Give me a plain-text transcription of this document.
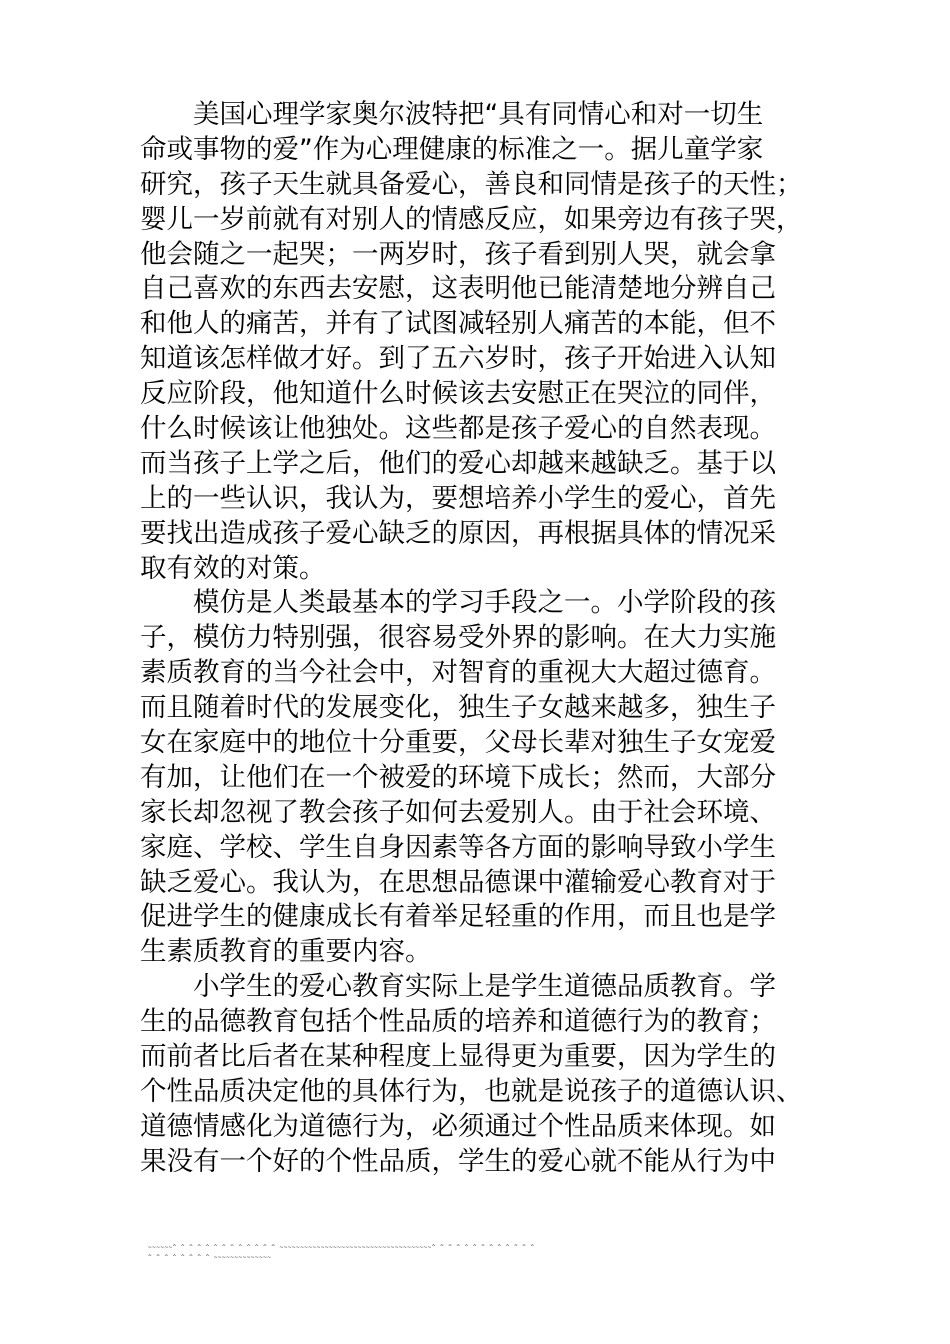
美国心理学家奥尔波特把“具有同情心和对一切生
命或事物的爱”作为心理健康的标准之一。据儿童学家
研究，孩子天生就具备爱心，善良和同情是孩子的天性；
婴儿一岁前就有对别人的情感反应，如果旁边有孩子哭，
他会随之一起哭；一两岁时，孩子看到别人哭，就会拿
自己喜欢的东西去安慰，这表明他已能清楚地分辨自己
和他人的痛苦，并有了试图减轻别人痛苦的本能，但不
知道该怎样做才好。到了五六岁时，孩子开始进入认知
反应阶段，他知道什么时候该去安慰正在哭泣的同伴，
什么时候该让他独处。这些都是孩子爱心的自然表现。
而当孩子上学之后，他们的爱心却越来越缺乏。基于以
上的一些认识，我认为，要想培养小学生的爱心，首先
要找出造成孩子爱心缺乏的原因，再根据具体的情况采
取有效的对策。
模仿是人类最基本的学习手段之一。小学阶段的孩
子，模仿力特别强，很容易受外界的影响。在大力实施
素质教育的当今社会中，对智育的重视大大超过德育。
而且随着时代的发展变化，独生子女越来越多，独生子
女在家庭中的地位十分重要，父母长辈对独生子女宠爱
有加，让他们在一个被爱的环境下成长；然而，大部分
家长却忽视了教会孩子如何去爱别人。由于社会环境、
家庭、学校、学生自身因素等各方面的影响导致小学生
缺乏爱心。我认为，在思想品德课中灌输爱心教育对于
促进学生的健康成长有着举足轻重的作用，而且也是学
生素质教育的重要内容。
小学生的爱心教育实际上是学生道德品质教育。学
生的品德教育包括个性品质的培养和道德行为的教育；
而前者比后者在某种程度上显得更为重要，因为学生的
个性品质决定他的具体行为，也就是说孩子的道德认识、
道德情感化为道德行为，必须通过个性品质来体现。如
果没有一个好的个性品质，学生的爱心就不能从行为中
~~~~~~^ ^ ^ ^ ^ ^ ^ ^ ^ ^ ^ ^ ^ ~~~~~~~~~~~~~~~~~~~~~~~~~~~~~~~~~~~~~^ ^ ^ ^ ^ ^ ^ ^ ^ ^ ^ ^ ^
^ ^ ^ ^ ^ ^ ^ ^ ~~~~~~~~~~~~~~
